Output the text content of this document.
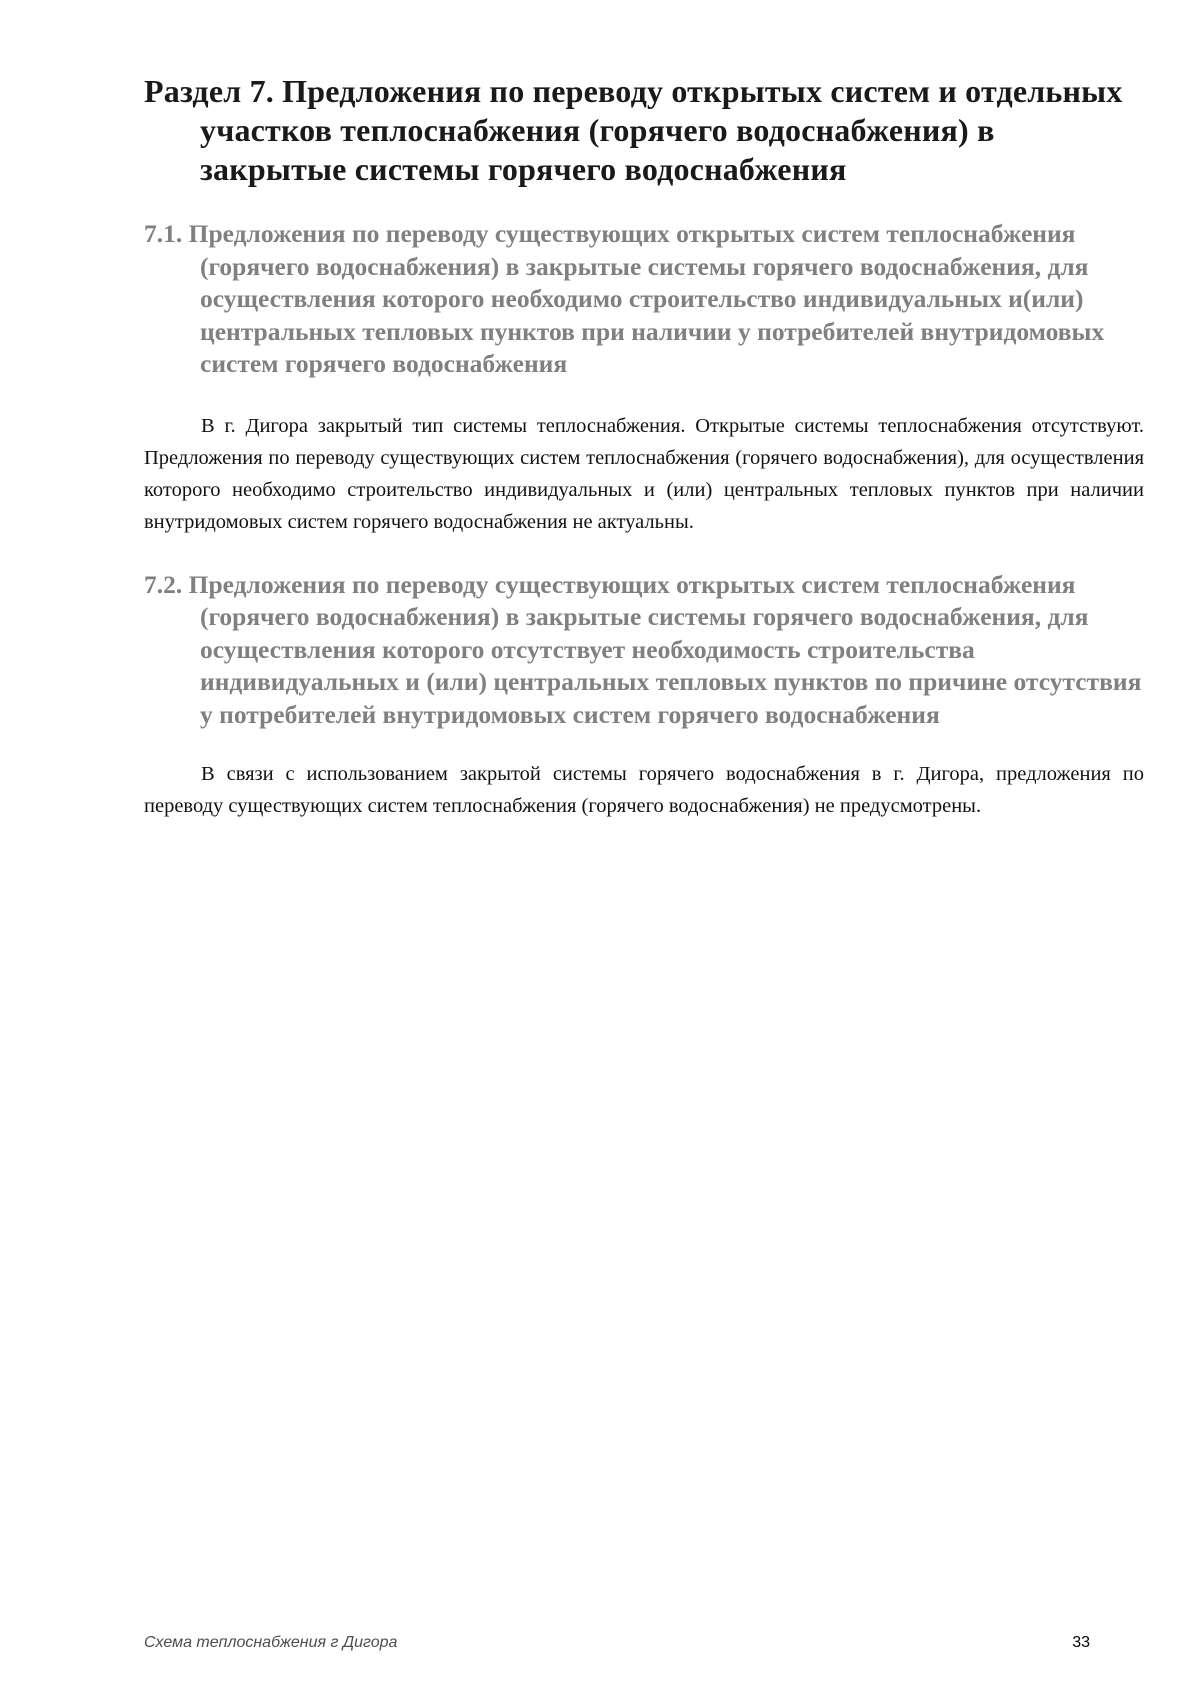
Раздел 7. Предложения по переводу открытых систем и отдельных участков теплоснабжения (горячего водоснабжения) в закрытые системы горячего водоснабжения
7.1. Предложения по переводу существующих открытых систем теплоснабжения (горячего водоснабжения) в закрытые системы горячего водоснабжения, для осуществления которого необходимо строительство индивидуальных и(или) центральных тепловых пунктов при наличии у потребителей внутридомовых систем горячего водоснабжения

В г. Дигора закрытый тип системы теплоснабжения. Открытые системы теплоснабжения отсутствуют. Предложения по переводу существующих систем теплоснабжения (горячего водоснабжения), для осуществления которого необходимо строительство индивидуальных и (или) центральных тепловых пунктов при наличии внутридомовых систем горячего водоснабжения не актуальны.

7.2. Предложения по переводу существующих открытых систем теплоснабжения (горячего водоснабжения) в закрытые системы горячего водоснабжения, для осуществления которого отсутствует необходимость строительства индивидуальных и (или) центральных тепловых пунктов по причине отсутствия у потребителей внутридомовых систем горячего водоснабжения

В связи с использованием закрытой системы горячего водоснабжения в г. Дигора, предложения по переводу существующих систем теплоснабжения (горячего водоснабжения) не предусмотрены.

Схема теплоснабжения г Дигора	33
